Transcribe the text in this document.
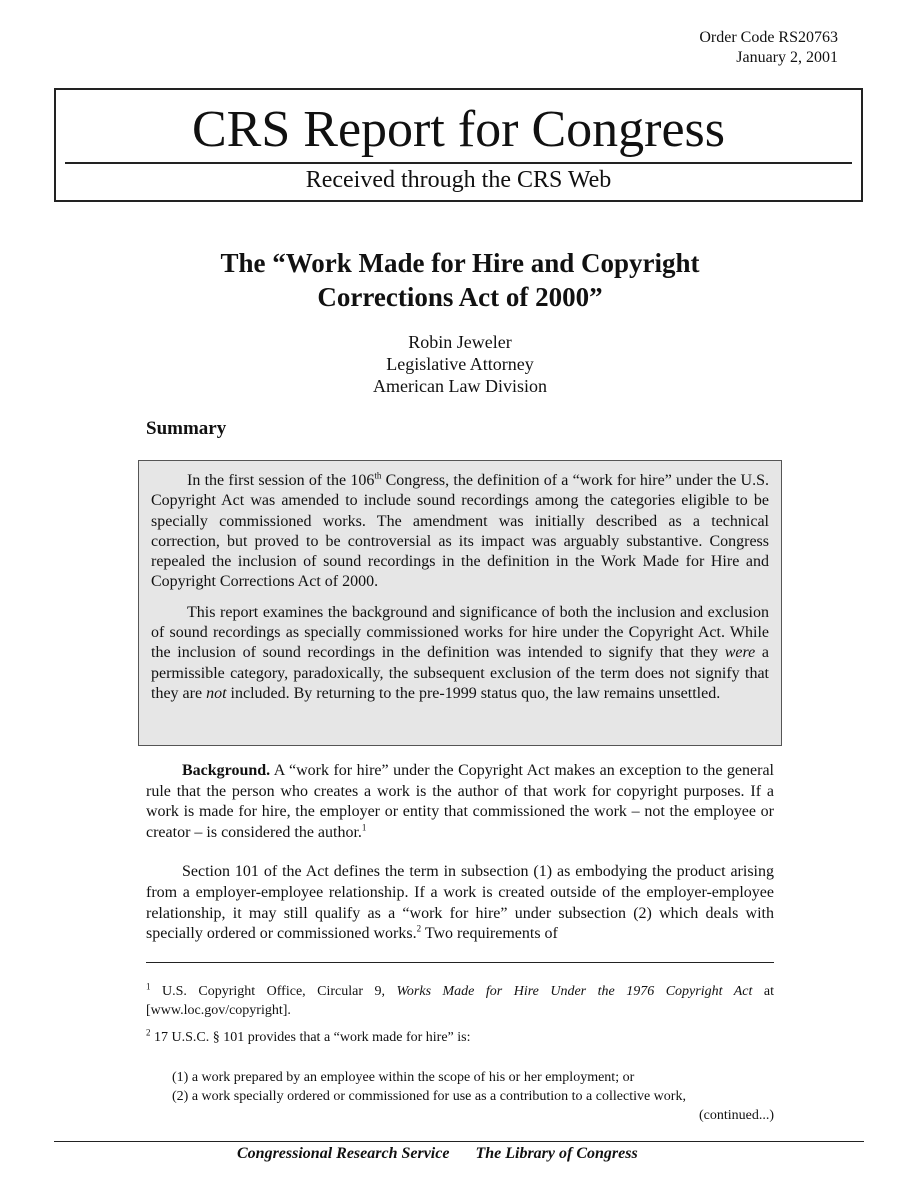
Order Code RS20763
January 2, 2001
CRS Report for Congress
Received through the CRS Web
The “Work Made for Hire and Copyright
Corrections Act of 2000”
Robin Jeweler
Legislative Attorney
American Law Division
Summary

In the first session of the 106th Congress, the definition of a “work for hire” under the U.S. Copyright Act was amended to include sound recordings among the categories eligible to be specially commissioned works. The amendment was initially described as a technical correction, but proved to be controversial as its impact was arguably substantive. Congress repealed the inclusion of sound recordings in the definition in the Work Made for Hire and Copyright Corrections Act of 2000.

This report examines the background and significance of both the inclusion and exclusion of sound recordings as specially commissioned works for hire under the Copyright Act. While the inclusion of sound recordings in the definition was intended to signify that they were a permissible category, paradoxically, the subsequent exclusion of the term does not signify that they are not included. By returning to the pre-1999 status quo, the law remains unsettled.

Background. A “work for hire” under the Copyright Act makes an exception to the general rule that the person who creates a work is the author of that work for copyright purposes. If a work is made for hire, the employer or entity that commissioned the work – not the employee or creator – is considered the author.$^1$

Section 101 of the Act defines the term in subsection (1) as embodying the product arising from a employer-employee relationship. If a work is created outside of the employer-employee relationship, it may still qualify as a “work for hire” under subsection (2) which deals with specially ordered or commissioned works.$^2$ Two requirements of

$^1$ U.S. Copyright Office, Circular 9, Works Made for Hire Under the 1976 Copyright Act at [www.loc.gov/copyright].
$^2$ 17 U.S.C. § 101 provides that a “work made for hire” is:
(1) a work prepared by an employee within the scope of his or her employment; or
(2) a work specially ordered or commissioned for use as a contribution to a collective work,
(continued...)
Congressional Research Service The Library of Congress
